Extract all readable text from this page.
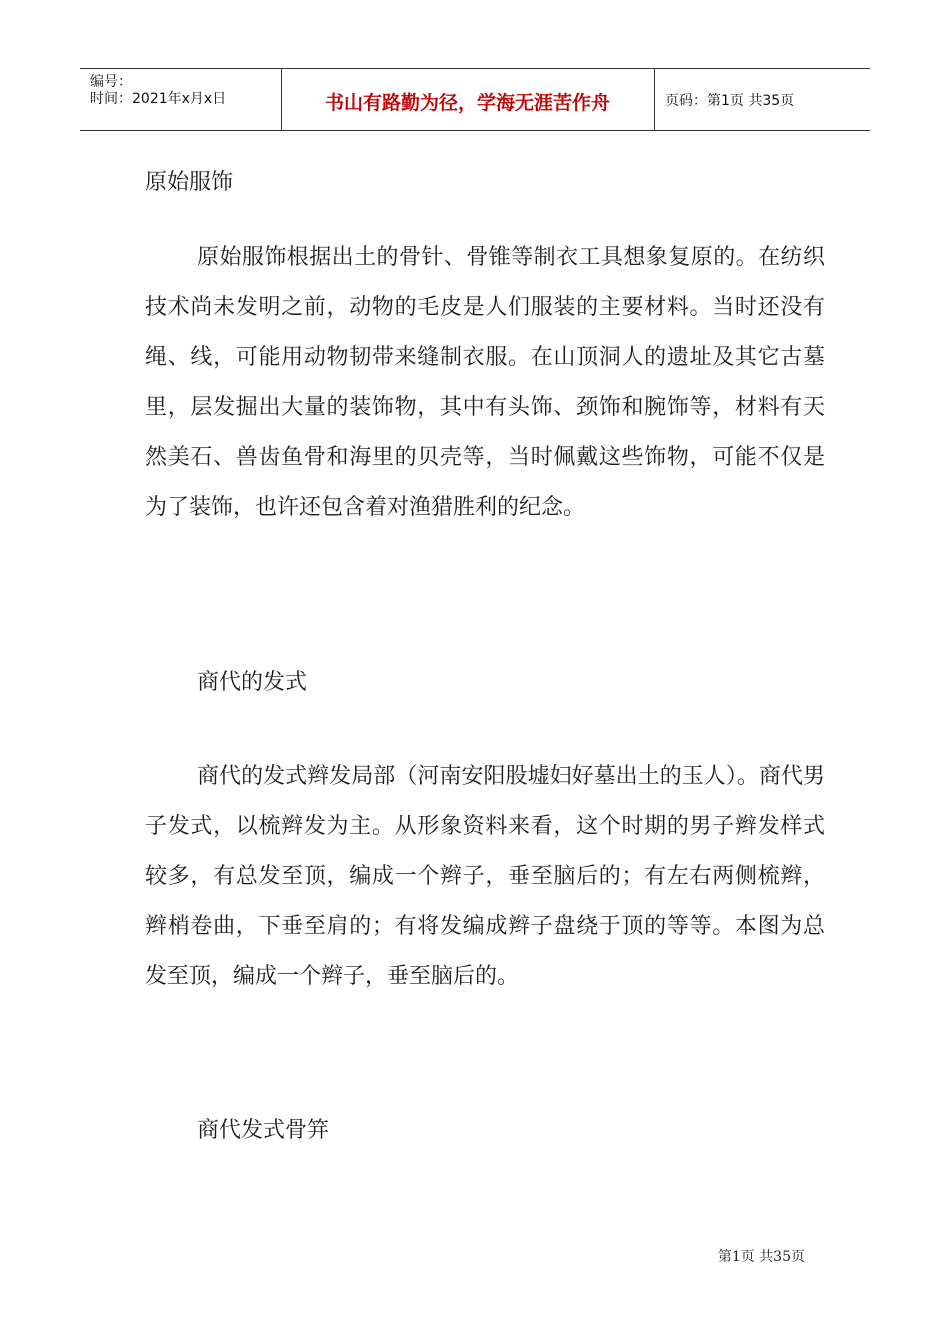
编号：
时间：2021年x月x日	书山有路勤为径，学海无涯苦作舟	页码：第1页 共35页
原始服饰

原始服饰根据出土的骨针、骨锥等制衣工具想象复原的。在纺织技术尚未发明之前，动物的毛皮是人们服装的主要材料。当时还没有绳、线，可能用动物韧带来缝制衣服。在山顶洞人的遗址及其它古墓里，层发掘出大量的装饰物，其中有头饰、颈饰和腕饰等，材料有天然美石、兽齿鱼骨和海里的贝壳等，当时佩戴这些饰物，可能不仅是为了装饰，也许还包含着对渔猎胜利的纪念。

商代的发式

商代的发式辫发局部（河南安阳股墟妇好墓出土的玉人）。商代男子发式，以梳辫发为主。从形象资料来看，这个时期的男子辫发样式较多，有总发至顶，编成一个辫子，垂至脑后的；有左右两侧梳辫，辫梢卷曲，下垂至肩的；有将发编成辫子盘绕于顶的等等。本图为总发至顶，编成一个辫子，垂至脑后的。

商代发式骨笄
第1页 共35页
